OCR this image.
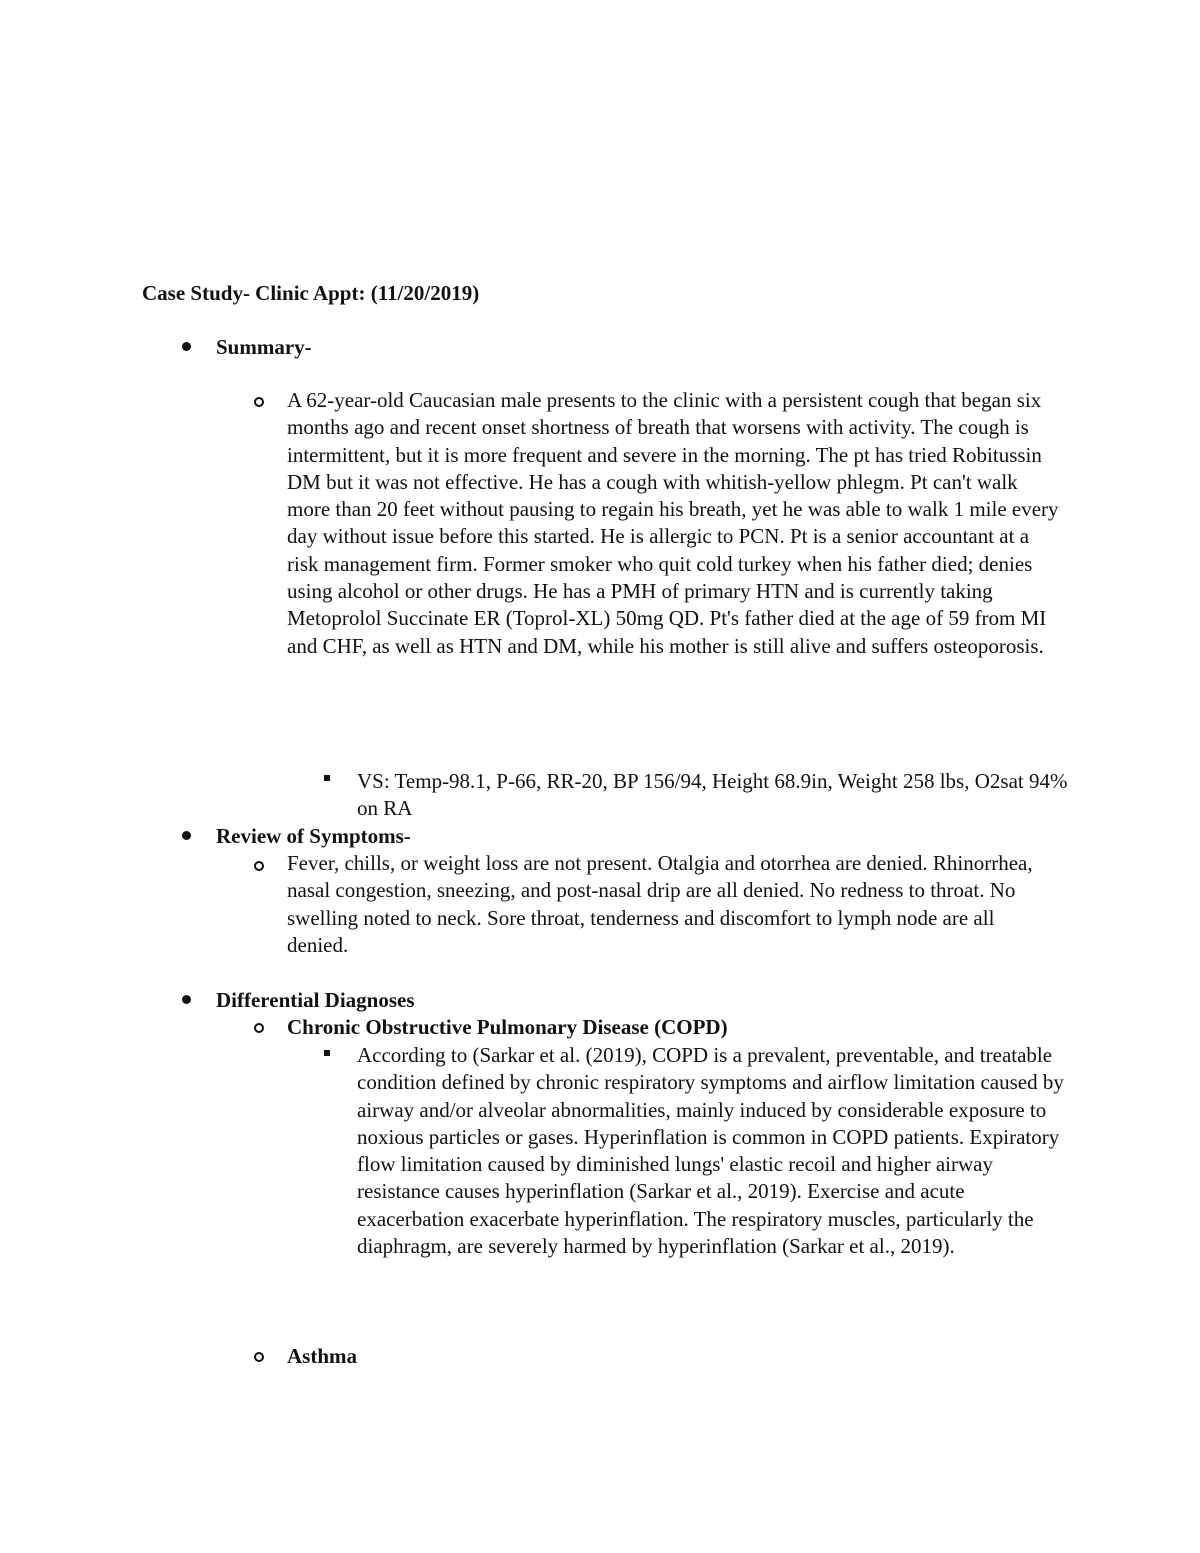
Case Study- Clinic Appt: (11/20/2019)
Summary-
A 62-year-old Caucasian male presents to the clinic with a persistent cough that began six months ago and recent onset shortness of breath that worsens with activity. The cough is intermittent, but it is more frequent and severe in the morning. The pt has tried Robitussin DM but it was not effective. He has a cough with whitish-yellow phlegm. Pt can't walk more than 20 feet without pausing to regain his breath, yet he was able to walk 1 mile every day without issue before this started. He is allergic to PCN. Pt is a senior accountant at a risk management firm. Former smoker who quit cold turkey when his father died; denies using alcohol or other drugs. He has a PMH of primary HTN and is currently taking Metoprolol Succinate ER (Toprol-XL) 50mg QD. Pt's father died at the age of 59 from MI and CHF, as well as HTN and DM, while his mother is still alive and suffers osteoporosis.
VS: Temp-98.1, P-66, RR-20, BP 156/94, Height 68.9in, Weight 258 lbs, O2sat 94% on RA
Review of Symptoms-
Fever, chills, or weight loss are not present. Otalgia and otorrhea are denied. Rhinorrhea, nasal congestion, sneezing, and post-nasal drip are all denied. No redness to throat. No swelling noted to neck. Sore throat, tenderness and discomfort to lymph node are all denied.
Differential Diagnoses
Chronic Obstructive Pulmonary Disease (COPD)
According to (Sarkar et al. (2019), COPD is a prevalent, preventable, and treatable condition defined by chronic respiratory symptoms and airflow limitation caused by airway and/or alveolar abnormalities, mainly induced by considerable exposure to noxious particles or gases. Hyperinflation is common in COPD patients. Expiratory flow limitation caused by diminished lungs' elastic recoil and higher airway resistance causes hyperinflation (Sarkar et al., 2019). Exercise and acute exacerbation exacerbate hyperinflation. The respiratory muscles, particularly the diaphragm, are severely harmed by hyperinflation (Sarkar et al., 2019).
Asthma
